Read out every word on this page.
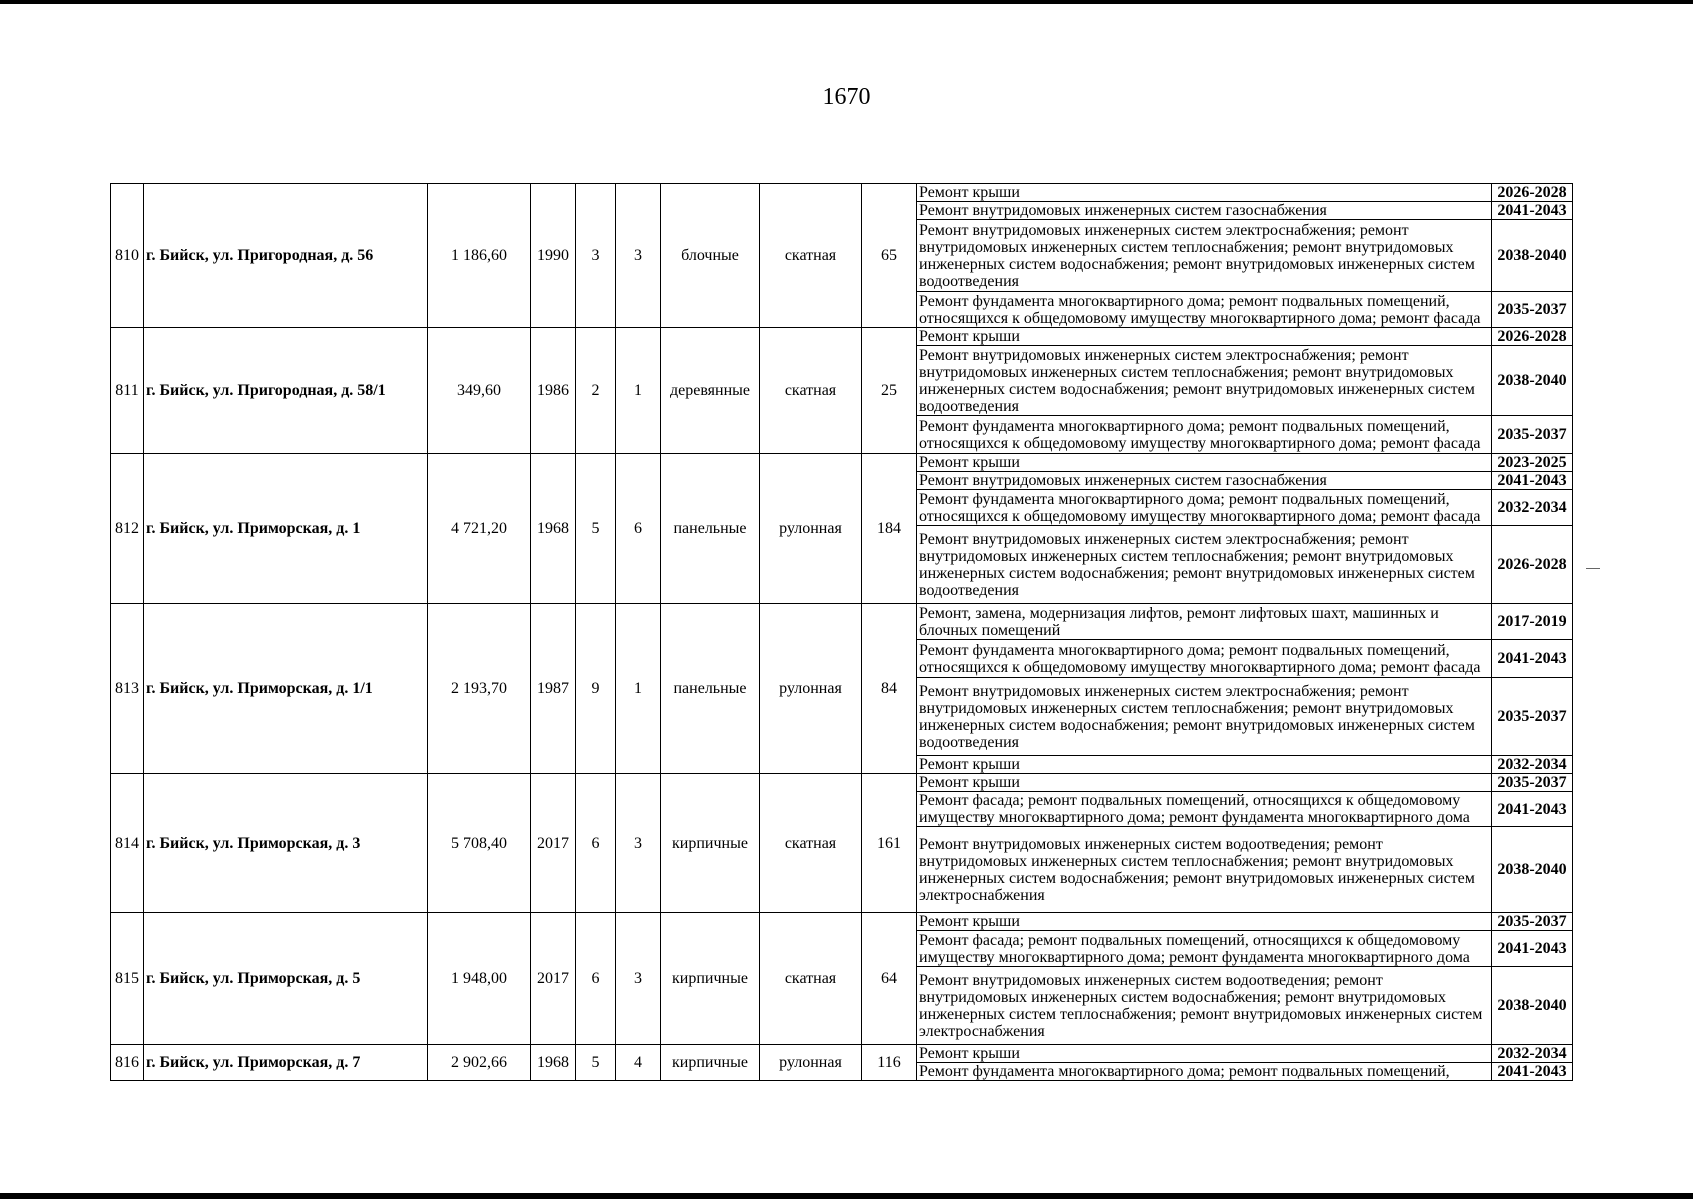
1670
810	г. Бийск, ул. Пригородная, д. 56	1 186,60	1990	3	3	блочные	скатная	65	Ремонт крыши	2026-2028
									Ремонт внутридомовых инженерных систем газоснабжения	2041-2043
									Ремонт внутридомовых инженерных систем электроснабжения; ремонт внутридомовых инженерных систем теплоснабжения; ремонт внутридомовых инженерных систем водоснабжения; ремонт внутридомовых инженерных систем водоотведения	2038-2040
									Ремонт фундамента многоквартирного дома; ремонт подвальных помещений, относящихся к общедомовому имуществу многоквартирного дома; ремонт фасада	2035-2037
811	г. Бийск, ул. Пригородная, д. 58/1	349,60	1986	2	1	деревянные	скатная	25	Ремонт крыши	2026-2028
									Ремонт внутридомовых инженерных систем электроснабжения; ремонт внутридомовых инженерных систем теплоснабжения; ремонт внутридомовых инженерных систем водоснабжения; ремонт внутридомовых инженерных систем водоотведения	2038-2040
									Ремонт фундамента многоквартирного дома; ремонт подвальных помещений, относящихся к общедомовому имуществу многоквартирного дома; ремонт фасада	2035-2037
812	г. Бийск, ул. Приморская, д. 1	4 721,20	1968	5	6	панельные	рулонная	184	Ремонт крыши	2023-2025
									Ремонт внутридомовых инженерных систем газоснабжения	2041-2043
									Ремонт фундамента многоквартирного дома; ремонт подвальных помещений, относящихся к общедомовому имуществу многоквартирного дома; ремонт фасада	2032-2034
									Ремонт внутридомовых инженерных систем электроснабжения; ремонт внутридомовых инженерных систем теплоснабжения; ремонт внутридомовых инженерных систем водоснабжения; ремонт внутридомовых инженерных систем водоотведения	2026-2028
813	г. Бийск, ул. Приморская, д. 1/1	2 193,70	1987	9	1	панельные	рулонная	84	Ремонт, замена, модернизация лифтов, ремонт лифтовых шахт, машинных и блочных помещений	2017-2019
									Ремонт фундамента многоквартирного дома; ремонт подвальных помещений, относящихся к общедомовому имуществу многоквартирного дома; ремонт фасада	2041-2043
									Ремонт внутридомовых инженерных систем электроснабжения; ремонт внутридомовых инженерных систем теплоснабжения; ремонт внутридомовых инженерных систем водоснабжения; ремонт внутридомовых инженерных систем водоотведения	2035-2037
									Ремонт крыши	2032-2034
814	г. Бийск, ул. Приморская, д. 3	5 708,40	2017	6	3	кирпичные	скатная	161	Ремонт крыши	2035-2037
									Ремонт фасада; ремонт подвальных помещений, относящихся к общедомовому имуществу многоквартирного дома; ремонт фундамента многоквартирного дома	2041-2043
									Ремонт внутридомовых инженерных систем водоотведения; ремонт внутридомовых инженерных систем теплоснабжения; ремонт внутридомовых инженерных систем водоснабжения; ремонт внутридомовых инженерных систем электроснабжения	2038-2040
815	г. Бийск, ул. Приморская, д. 5	1 948,00	2017	6	3	кирпичные	скатная	64	Ремонт крыши	2035-2037
									Ремонт фасада; ремонт подвальных помещений, относящихся к общедомовому имуществу многоквартирного дома; ремонт фундамента многоквартирного дома	2041-2043
									Ремонт внутридомовых инженерных систем водоотведения; ремонт внутридомовых инженерных систем водоснабжения; ремонт внутридомовых инженерных систем теплоснабжения; ремонт внутридомовых инженерных систем электроснабжения	2038-2040
816	г. Бийск, ул. Приморская, д. 7	2 902,66	1968	5	4	кирпичные	рулонная	116	Ремонт крыши	2032-2034
									Ремонт фундамента многоквартирного дома; ремонт подвальных помещений,	2041-2043
